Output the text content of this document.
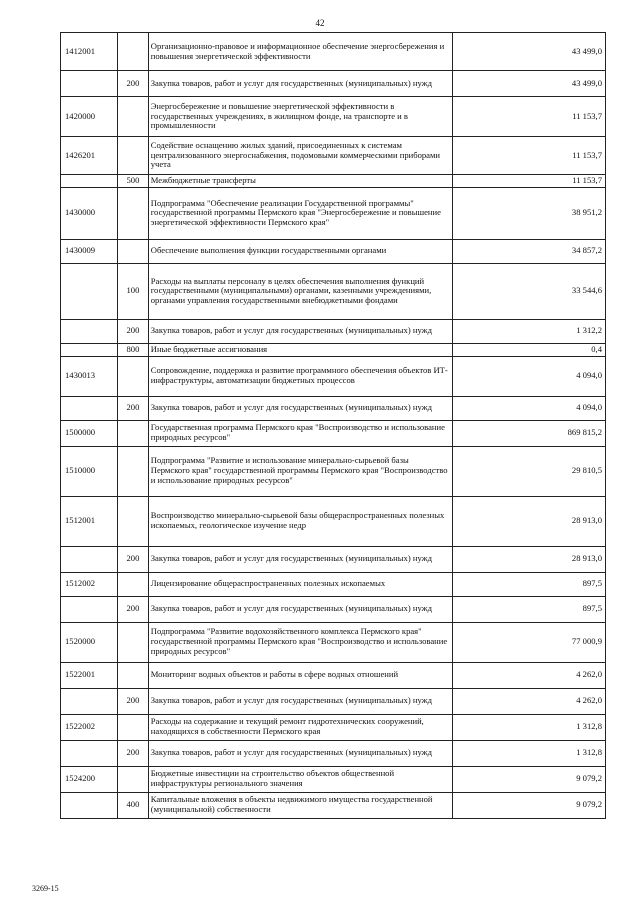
42
1412001		Организационно-правовое и информационное обеспечение энергосбережения и повышения энергетической эффективности	43 499,0
	200	Закупка товаров, работ и услуг для государственных (муниципальных) нужд	43 499,0
1420000		Энергосбережение и повышение энергетической эффективности в государственных учреждениях, в жилищном фонде, на транспорте и в промышленности	11 153,7
1426201		Содействие оснащению жилых зданий, присоединенных к системам централизованного энергоснабжения, подомовыми коммерческими приборами учета	11 153,7
	500	Межбюджетные трансферты	11 153,7
1430000		Подпрограмма "Обеспечение реализации Государственной программы" государственной программы Пермского края "Энергосбережение и повышение энергетической эффективности Пермского края"	38 951,2
1430009		Обеспечение выполнения функции государственными органами	34 857,2
	100	Расходы на выплаты персоналу в целях обеспечения выполнения функций государственными (муниципальными) органами, казенными учреждениями, органами управления государственными внебюджетными фондами	33 544,6
	200	Закупка товаров, работ и услуг для государственных (муниципальных) нужд	1 312,2
	800	Иные бюджетные ассигнования	0,4
1430013		Сопровождение, поддержка и развитие программного обеспечения объектов ИТ-инфраструктуры, автоматизации бюджетных процессов	4 094,0
	200	Закупка товаров, работ и услуг для государственных (муниципальных) нужд	4 094,0
1500000		Государственная программа Пермского края "Воспроизводство и использование природных ресурсов"	869 815,2
1510000		Подпрограмма "Развитие и использование минерально-сырьевой базы Пермского края" государственной программы Пермского края "Воспроизводство и использование природных ресурсов"	29 810,5
1512001		Воспроизводство минерально-сырьевой базы общераспространенных полезных ископаемых, геологическое изучение недр	28 913,0
	200	Закупка товаров, работ и услуг для государственных (муниципальных) нужд	28 913,0
1512002		Лицензирование общераспространенных полезных ископаемых	897,5
	200	Закупка товаров, работ и услуг для государственных (муниципальных) нужд	897,5
1520000		Подпрограмма "Развитие водохозяйственного комплекса Пермского края" государственной программы Пермского края "Воспроизводство и использование природных ресурсов"	77 000,9
1522001		Мониторинг водных объектов и работы в сфере водных отношений	4 262,0
	200	Закупка товаров, работ и услуг для государственных (муниципальных) нужд	4 262,0
1522002		Расходы на содержание и текущий ремонт гидротехнических сооружений, находящихся в собственности Пермского края	1 312,8
	200	Закупка товаров, работ и услуг для государственных (муниципальных) нужд	1 312,8
1524200		Бюджетные инвестиции на строительство объектов общественной инфраструктуры регионального значения	9 079,2
	400	Капитальные вложения в объекты недвижимого имущества государственной (муниципальной) собственности	9 079,2
3269-15
